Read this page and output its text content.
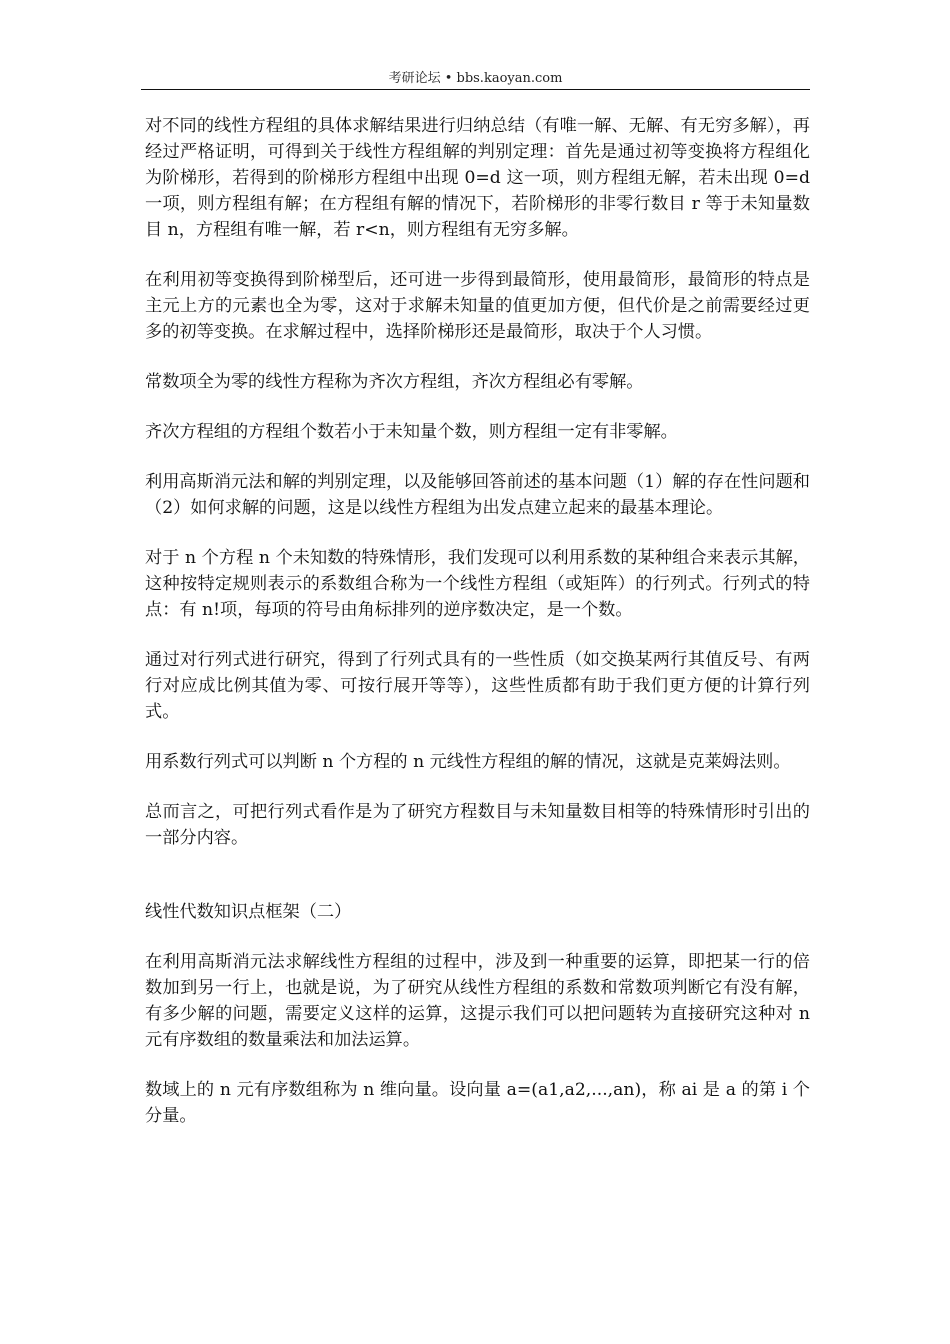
考研论坛 • bbs.kaoyan.com

对不同的线性方程组的具体求解结果进行归纳总结（有唯一解、无解、有无穷多解），再经过严格证明，可得到关于线性方程组解的判别定理：首先是通过初等变换将方程组化为阶梯形，若得到的阶梯形方程组中出现 0=d 这一项，则方程组无解，若未出现 0=d 一项，则方程组有解；在方程组有解的情况下，若阶梯形的非零行数目 r 等于未知量数目 n，方程组有唯一解，若 r<n，则方程组有无穷多解。

在利用初等变换得到阶梯型后，还可进一步得到最简形，使用最简形，最简形的特点是主元上方的元素也全为零，这对于求解未知量的值更加方便，但代价是之前需要经过更多的初等变换。在求解过程中，选择阶梯形还是最简形，取决于个人习惯。

常数项全为零的线性方程称为齐次方程组，齐次方程组必有零解。

齐次方程组的方程组个数若小于未知量个数，则方程组一定有非零解。

利用高斯消元法和解的判别定理，以及能够回答前述的基本问题（1）解的存在性问题和（2）如何求解的问题，这是以线性方程组为出发点建立起来的最基本理论。

对于 n 个方程 n 个未知数的特殊情形，我们发现可以利用系数的某种组合来表示其解，这种按特定规则表示的系数组合称为一个线性方程组（或矩阵）的行列式。行列式的特点：有 n!项，每项的符号由角标排列的逆序数决定，是一个数。

通过对行列式进行研究，得到了行列式具有的一些性质（如交换某两行其值反号、有两行对应成比例其值为零、可按行展开等等），这些性质都有助于我们更方便的计算行列式。

用系数行列式可以判断 n 个方程的 n 元线性方程组的解的情况，这就是克莱姆法则。

总而言之，可把行列式看作是为了研究方程数目与未知量数目相等的特殊情形时引出的一部分内容。

线性代数知识点框架（二）

在利用高斯消元法求解线性方程组的过程中，涉及到一种重要的运算，即把某一行的倍数加到另一行上，也就是说，为了研究从线性方程组的系数和常数项判断它有没有解，有多少解的问题，需要定义这样的运算，这提示我们可以把问题转为直接研究这种对 n 元有序数组的数量乘法和加法运算。

数域上的 n 元有序数组称为 n 维向量。设向量 a=(a1,a2,...,an)，称 ai 是 a 的第 i 个分量。
